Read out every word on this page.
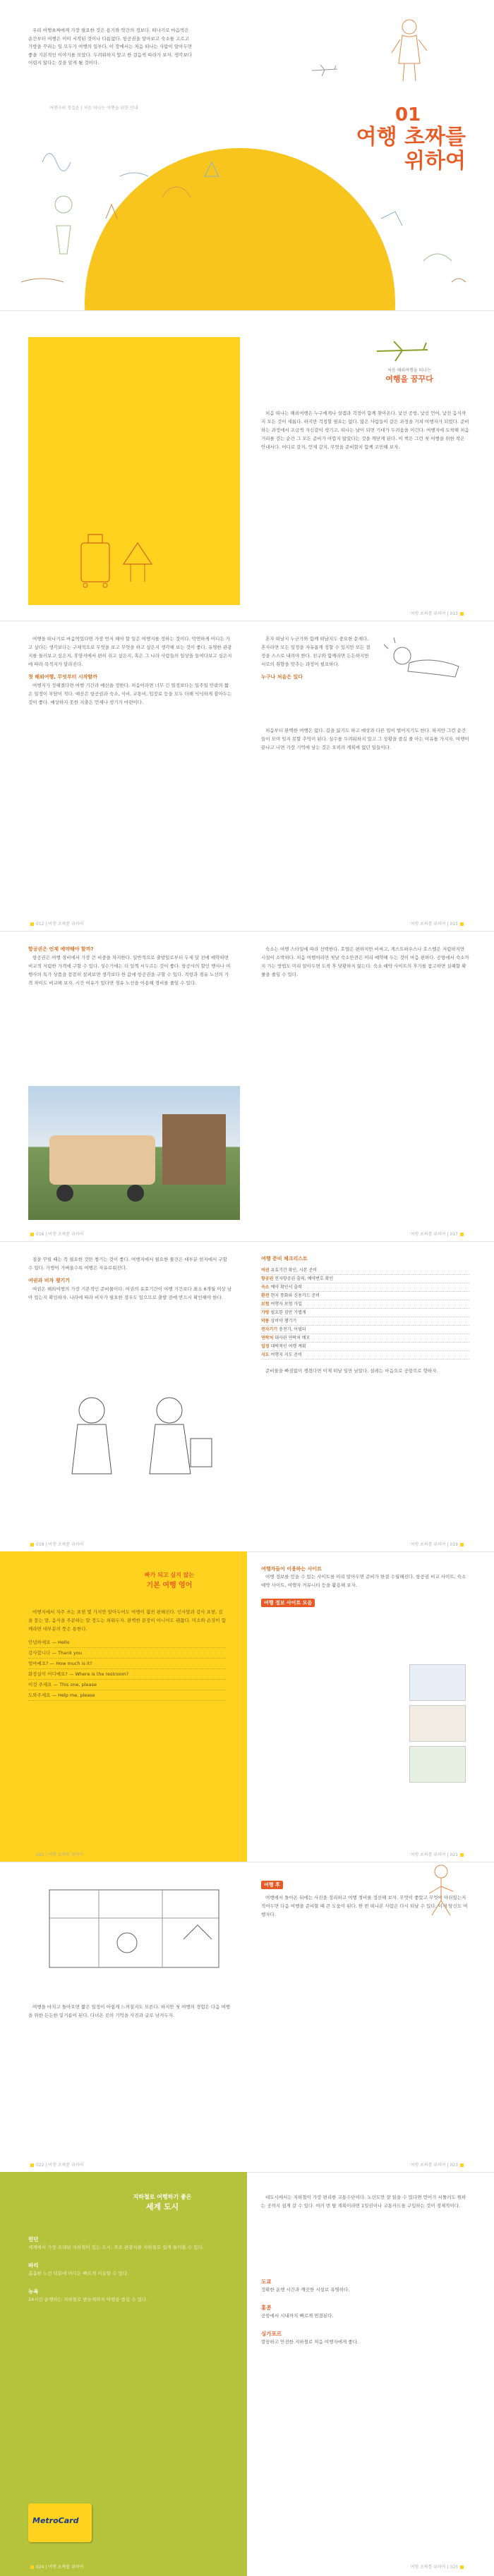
우리 여행초짜에게 가장 필요한 것은 용기와 약간의 정보다. 떠나기로 마음먹은 순간부터 여행은 이미 시작된 것이나 다름없다. 항공권을 알아보고 숙소를 고르고 가방을 꾸리는 일 모두가 여행의 일부다. 이 장에서는 처음 떠나는 사람이 알아두면 좋을 기본적인 이야기를 모았다. 두려워하지 말고 한 걸음씩 따라가 보자. 생각보다 어렵지 않다는 것을 알게 될 것이다.

여행자의 첫걸음 | 처음 떠나는 여행을 위한 안내	01
여행 초짜를
위하여
처음 해외여행을 떠나는
여행을 꿈꾸다

처음 떠나는 해외여행은 누구에게나 설렘과 걱정이 함께 찾아온다. 낯선 공항, 낯선 언어, 낯선 음식까지 모든 것이 새롭다. 하지만 걱정할 필요는 없다. 많은 사람들이 같은 과정을 거쳐 여행자가 되었다. 준비하는 과정에서 조금씩 자신감이 생기고, 떠나는 날이 되면 기대가 두려움을 이긴다. 여행지에 도착해 처음 거리를 걷는 순간 그 모든 준비가 아깝지 않았다는 것을 깨닫게 된다. 이 책은 그런 첫 여행을 위한 작은 안내서다. 어디로 갈지, 언제 갈지, 무엇을 준비할지 함께 고민해 보자.

여행 초짜를 위하여 | 013

여행을 떠나기로 마음먹었다면 가장 먼저 해야 할 일은 여행지를 정하는 것이다. 막연하게 어디든 가고 싶다는 생각보다는 구체적으로 무엇을 보고 무엇을 하고 싶은지 생각해 보는 것이 좋다. 유명한 관광지를 둘러보고 싶은지, 휴양지에서 편히 쉬고 싶은지, 혹은 그 나라 사람들의 일상을 들여다보고 싶은지에 따라 목적지가 달라진다.

첫 해외여행, 무엇부터 시작할까

여행지가 정해졌다면 여행 기간과 예산을 정한다. 처음이라면 너무 긴 일정보다는 일주일 안팎의 짧은 일정이 부담이 적다. 예산은 항공권과 숙소, 식비, 교통비, 입장료 등을 모두 더해 넉넉하게 잡아두는 것이 좋다. 예상하지 못한 지출은 언제나 생기기 마련이다.

혼자 떠날지 누군가와 함께 떠날지도 중요한 문제다. 혼자라면 모든 일정을 자유롭게 정할 수 있지만 모든 결정을 스스로 내려야 한다. 친구와 함께라면 든든하지만 서로의 취향을 맞추는 과정이 필요하다.

누구나 처음은 있다

처음부터 완벽한 여행은 없다. 길을 잃기도 하고 예상과 다른 일이 벌어지기도 한다. 하지만 그런 순간들이 모여 잊지 못할 추억이 된다. 실수를 두려워하지 말고 그 상황을 즐길 줄 아는 여유를 가지자. 여행이 끝나고 나면 가장 기억에 남는 것은 오히려 계획에 없던 일들이다.

012 | 여행 초짜를 위하여	여행 초짜를 위하여 | 015
항공권은 언제 예약해야 할까?

항공권은 여행 경비에서 가장 큰 비중을 차지한다. 일반적으로 출발일로부터 두세 달 전에 예약하면 비교적 저렴한 가격에 구할 수 있다. 성수기에는 더 일찍 서두르는 것이 좋다. 항공사의 할인 행사나 여행사의 특가 상품을 꼼꼼히 살펴보면 생각보다 싼 값에 항공권을 구할 수 있다. 직항과 경유 노선의 가격 차이도 비교해 보자. 시간 여유가 있다면 경유 노선을 이용해 경비를 줄일 수 있다.

숙소는 여행 스타일에 따라 선택한다. 호텔은 편하지만 비싸고, 게스트하우스나 호스텔은 저렴하지만 시설이 소박하다. 처음 여행이라면 첫날 숙소만큼은 미리 예약해 두는 것이 마음 편하다. 공항에서 숙소까지 가는 방법도 미리 알아두면 도착 후 당황하지 않는다. 숙소 예약 사이트의 후기를 참고하면 실패할 확률을 줄일 수 있다.

016 | 여행 초짜를 위하여	여행 초짜를 위하여 | 017

짐을 꾸릴 때는 꼭 필요한 것만 챙기는 것이 좋다. 여행지에서 필요한 물건은 대부분 현지에서 구할 수 있다. 가방이 가벼울수록 여행은 자유로워진다.

여권과 비자 챙기기

여권은 해외여행의 가장 기본적인 준비물이다. 여권의 유효기간이 여행 기간보다 최소 6개월 이상 남아 있는지 확인하자. 나라에 따라 비자가 필요한 경우도 있으므로 출발 전에 반드시 확인해야 한다.

여행 준비 체크리스트
여권 유효기간 확인, 사본 준비
항공권 전자항공권 출력, 예약번호 확인
숙소 예약 확인서 출력
환전 현지 통화와 신용카드 준비
보험 여행자 보험 가입
가방 필요한 짐만 가볍게
약품 상비약 챙기기
전자기기 충전기, 어댑터
연락처 대사관 연락처 메모
일정 대략적인 여행 계획
지도 여행지 지도 준비

준비물을 빠짐없이 챙겼다면 이제 떠날 일만 남았다. 설레는 마음으로 공항으로 향하자.

018 | 여행 초짜를 위하여	여행 초짜를 위하여 | 019
빠가 되고 싶지 않는
기본 여행 영어

여행지에서 자주 쓰는 표현 몇 가지만 알아두어도 여행이 훨씬 편해진다. 인사말과 감사 표현, 길을 묻는 말, 음식을 주문하는 말 정도는 외워두자. 완벽한 문장이 아니어도 괜찮다. 미소와 손짓이 함께라면 대부분의 뜻은 통한다.

안녕하세요 — Hello
감사합니다 — Thank you
얼마예요? — How much is it?
화장실이 어디예요? — Where is the restroom?
이것 주세요 — This one, please
도와주세요 — Help me, please
여행자들이 이용하는 사이트

여행 정보를 얻을 수 있는 사이트를 미리 알아두면 준비가 한결 수월해진다. 항공권 비교 사이트, 숙소 예약 사이트, 여행자 커뮤니티 등을 활용해 보자.

여행 정보 사이트 모음
020 | 여행 초짜를 위하여	여행 초짜를 위하여 | 021

여행을 마치고 돌아오면 짧은 일정이 아쉽게 느껴질지도 모른다. 하지만 첫 여행의 경험은 다음 여행을 위한 든든한 밑거름이 된다. 다녀온 곳의 기억을 사진과 글로 남겨두자.

여행 후

여행에서 돌아온 뒤에는 사진을 정리하고 여행 경비를 정산해 보자. 무엇이 좋았고 무엇이 아쉬웠는지 적어두면 다음 여행을 준비할 때 큰 도움이 된다. 한 번 떠나본 사람은 다시 떠날 수 있다. 이제 당신도 여행자다.

022 | 여행 초짜를 위하여	여행 초짜를 위하여 | 023
지하철로 여행하기 좋은
세계 도시
런던
세계에서 가장 오래된 지하철이 있는 도시. 주요 관광지를 지하철로 쉽게 둘러볼 수 있다.
파리
촘촘한 노선 덕분에 어디든 빠르게 이동할 수 있다.
뉴욕
24시간 운행하는 지하철로 밤늦게까지 여행을 즐길 수 있다.
MetroCard

대도시에서는 지하철이 가장 편리한 교통수단이다. 노선도만 잘 읽을 수 있다면 언어가 서툴러도 원하는 곳까지 쉽게 갈 수 있다. 여러 번 탈 계획이라면 1일권이나 교통카드를 구입하는 것이 경제적이다.

도쿄
정확한 운행 시간과 깨끗한 시설로 유명하다.
홍콩
공항에서 시내까지 빠르게 연결된다.
싱가포르
깔끔하고 안전한 지하철로 처음 여행자에게 좋다.
024 | 여행 초짜를 위하여	여행 초짜를 위하여 | 025
